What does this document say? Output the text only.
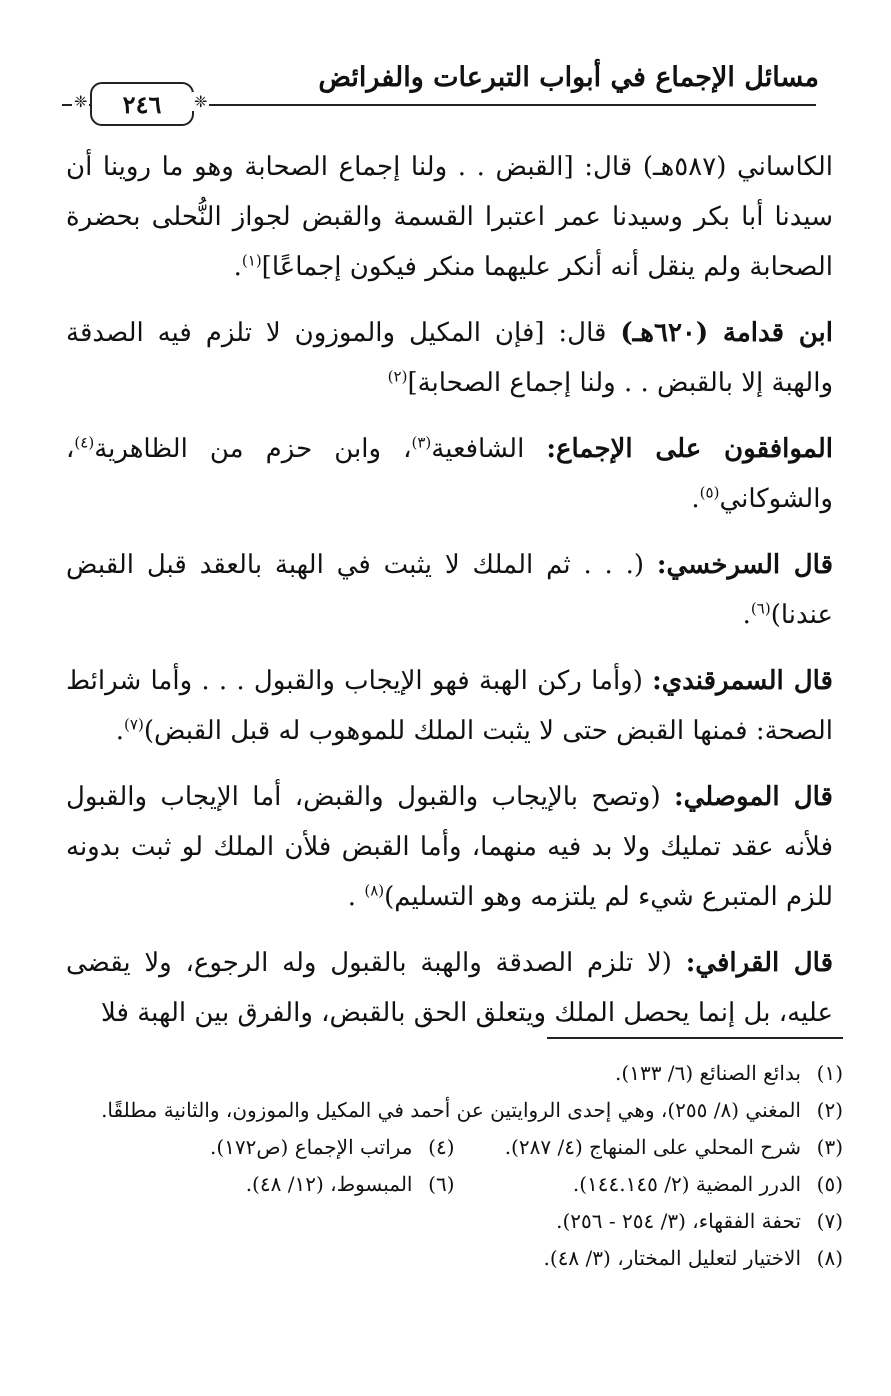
مسائل الإجماع في أبواب التبرعات والفرائض
❈	٢٤٦	❈

الكاساني (٥٨٧هـ) قال: [القبض . . ولنا إجماع الصحابة وهو ما روينا أن سيدنا أبا بكر وسيدنا عمر اعتبرا القسمة والقبض لجواز النُّحلى بحضرة الصحابة ولم ينقل أنه أنكر عليهما منكر فيكون إجماعًا]$^{(١)}$.

ابن قدامة (٦٢٠هـ) قال: [فإن المكيل والموزون لا تلزم فيه الصدقة والهبة إلا بالقبض . . ولنا إجماع الصحابة]$^{(٢)}$

الموافقون على الإجماع: الشافعية$^{(٣)}$، وابن حزم من الظاهرية$^{(٤)}$، والشوكاني$^{(٥)}$.

قال السرخسي: (. . . ثم الملك لا يثبت في الهبة بالعقد قبل القبض عندنا)$^{(٦)}$.

قال السمرقندي: (وأما ركن الهبة فهو الإيجاب والقبول . . . وأما شرائط الصحة: فمنها القبض حتى لا يثبت الملك للموهوب له قبل القبض)$^{(٧)}$.

قال الموصلي: (وتصح بالإيجاب والقبول والقبض، أما الإيجاب والقبول فلأنه عقد تمليك ولا بد فيه منهما، وأما القبض فلأن الملك لو ثبت بدونه للزم المتبرع شيء لم يلتزمه وهو التسليم)$^{(٨)}$ .

قال القرافي: (لا تلزم الصدقة والهبة بالقبول وله الرجوع، ولا يقضى عليه، بل إنما يحصل الملك ويتعلق الحق بالقبض، والفرق بين الهبة فلا

(١)
بدائع الصنائع (٦/ ١٣٣).
(٢)
المغني (٨/ ٢٥٥)، وهي إحدى الروايتين عن أحمد في المكيل والموزون، والثانية مطلقًا.
(٣)
شرح المحلي على المنهاج (٤/ ٢٨٧).
(٤)
مراتب الإجماع (ص١٧٢).
(٥)
الدرر المضية (٢/ ١٤٤.١٤٥).
(٦)
المبسوط، (١٢/ ٤٨).
(٧)
تحفة الفقهاء، (٣/ ٢٥٤ - ٢٥٦).
(٨)
الاختيار لتعليل المختار، (٣/ ٤٨).
